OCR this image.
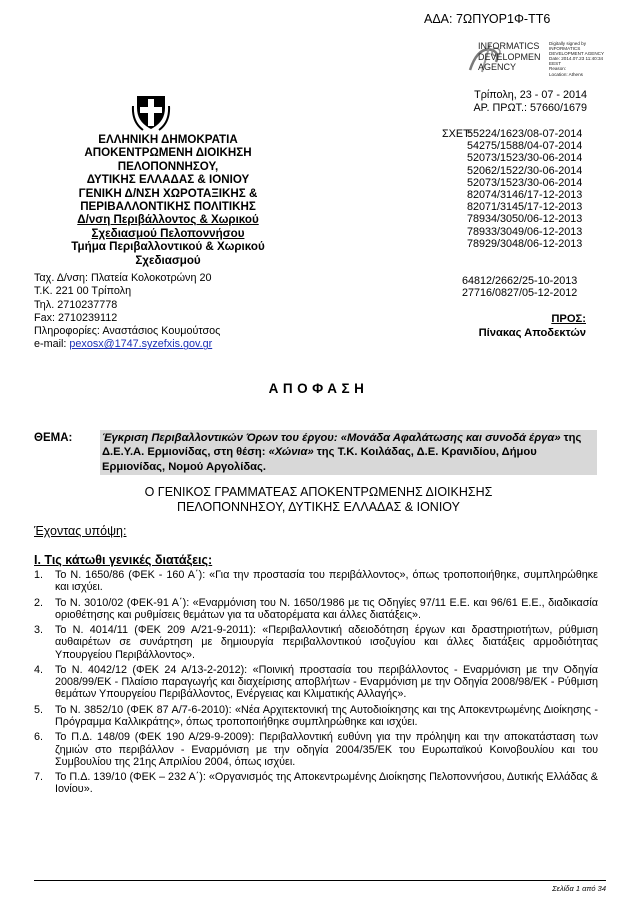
ΑΔΑ: 7ΩΠΥΟΡ1Φ-ΤΤ6
INFORMATICS
DEVELOPMEN
AGENCY
Digitally signed by
INFORMATICS
DEVELOPMENT AGENCY
Date: 2014.07.23 11:40:34
EEST
Reason:
Location: Athens
ΕΛΛΗΝΙΚΗ ΔΗΜΟΚΡΑΤΙΑ
ΑΠΟΚΕΝΤΡΩΜΕΝΗ ΔΙΟΙΚΗΣΗ
ΠΕΛΟΠΟΝΝΗΣΟΥ,
ΔΥΤΙΚΗΣ ΕΛΛΑΔΑΣ & ΙΟΝΙΟΥ
ΓΕΝΙΚΗ Δ/ΝΣΗ ΧΩΡΟΤΑΞΙΚΗΣ &
ΠΕΡΙΒΑΛΛΟΝΤΙΚΗΣ ΠΟΛΙΤΙΚΗΣ
Δ/νση Περιβάλλοντος & Χωρικού
Σχεδιασμού Πελοποννήσου
Τμήμα Περιβαλλοντικού & Χωρικού
Σχεδιασμού
Τρίπολη, 23 - 07 - 2014
ΑΡ. ΠΡΩΤ.: 57660/1679
ΣΧΕΤ:
55224/1623/08-07-2014
54275/1588/04-07-2014
52073/1523/30-06-2014
52062/1522/30-06-2014
52073/1523/30-06-2014
82074/3146/17-12-2013
82071/3145/17-12-2013
78934/3050/06-12-2013
78933/3049/06-12-2013
78929/3048/06-12-2013
64812/2662/25-10-2013
27716/0827/05-12-2012
Ταχ. Δ/νση: Πλατεία Κολοκοτρώνη 20
Τ.Κ. 221 00 Τρίπολη
Τηλ. 2710237778
Fax: 2710239112
Πληροφορίες: Αναστάσιος Κουμούτσος
e-mail: pexosx@1747.syzefxis.gov.gr
ΠΡΟΣ:
Πίνακας Αποδεκτών
ΑΠΟΦΑΣΗ
ΘΕΜΑ:	Έγκριση Περιβαλλοντικών Όρων του έργου: «Μονάδα Αφαλάτωσης και συνοδά έργα» της Δ.Ε.Υ.Α. Ερμιονίδας, στη θέση: «Χώνια» της Τ.Κ. Κοιλάδας, Δ.Ε. Κρανιδίου, Δήμου Ερμιονίδας, Νομού Αργολίδας.
Ο ΓΕΝΙΚΟΣ ΓΡΑΜΜΑΤΕΑΣ ΑΠΟΚΕΝΤΡΩΜΕΝΗΣ ΔΙΟΙΚΗΣΗΣ
ΠΕΛΟΠΟΝΝΗΣΟΥ, ΔΥΤΙΚΗΣ ΕΛΛΑΔΑΣ & ΙΟΝΙΟΥ
Έχοντας υπόψη:
Ι. Τις κάτωθι γενικές διατάξεις:
1. Το Ν. 1650/86 (ΦΕΚ - 160 Α΄): «Για την προστασία του περιβάλλοντος», όπως τροποποιήθηκε, συμπληρώθηκε και ισχύει.
2. Το Ν. 3010/02 (ΦΕΚ-91 Α΄): «Εναρμόνιση του Ν. 1650/1986 με τις Οδηγίες 97/11 Ε.Ε. και 96/61 Ε.Ε., διαδικασία οριοθέτησης και ρυθμίσεις θεμάτων για τα υδατορέματα και άλλες διατάξεις».
3. Το Ν. 4014/11 (ΦΕΚ 209 Α/21-9-2011): «Περιβαλλοντική αδειοδότηση έργων και δραστηριοτήτων, ρύθμιση αυθαιρέτων σε συνάρτηση με δημιουργία περιβαλλοντικού ισοζυγίου και άλλες διατάξεις αρμοδιότητας Υπουργείου Περιβάλλοντος».
4. Το Ν. 4042/12 (ΦΕΚ 24 Α/13-2-2012): «Ποινική προστασία του περιβάλλοντος - Εναρμόνιση με την Οδηγία 2008/99/ΕΚ - Πλαίσιο παραγωγής και διαχείρισης αποβλήτων - Εναρμόνιση με την Οδηγία 2008/98/ΕΚ - Ρύθμιση θεμάτων Υπουργείου Περιβάλλοντος, Ενέργειας και Κλιματικής Αλλαγής».
5. Το Ν. 3852/10 (ΦΕΚ 87 Α/7-6-2010): «Νέα Αρχιτεκτονική της Αυτοδιοίκησης και της Αποκεντρωμένης Διοίκησης - Πρόγραμμα Καλλικράτης», όπως τροποποιήθηκε συμπληρώθηκε και ισχύει.
6. Το Π.Δ. 148/09 (ΦΕΚ 190 Α/29-9-2009): Περιβαλλοντική ευθύνη για την πρόληψη και την αποκατάσταση των ζημιών στο περιβάλλον - Εναρμόνιση με την οδηγία 2004/35/ΕΚ του Ευρωπαϊκού Κοινοβουλίου και του Συμβουλίου της 21ης Απριλίου 2004, όπως ισχύει.
7. Το Π.Δ. 139/10 (ΦΕΚ – 232 Α΄): «Οργανισμός της Αποκεντρωμένης Διοίκησης Πελοποννήσου, Δυτικής Ελλάδας & Ιονίου».
Σελίδα 1 από 34
